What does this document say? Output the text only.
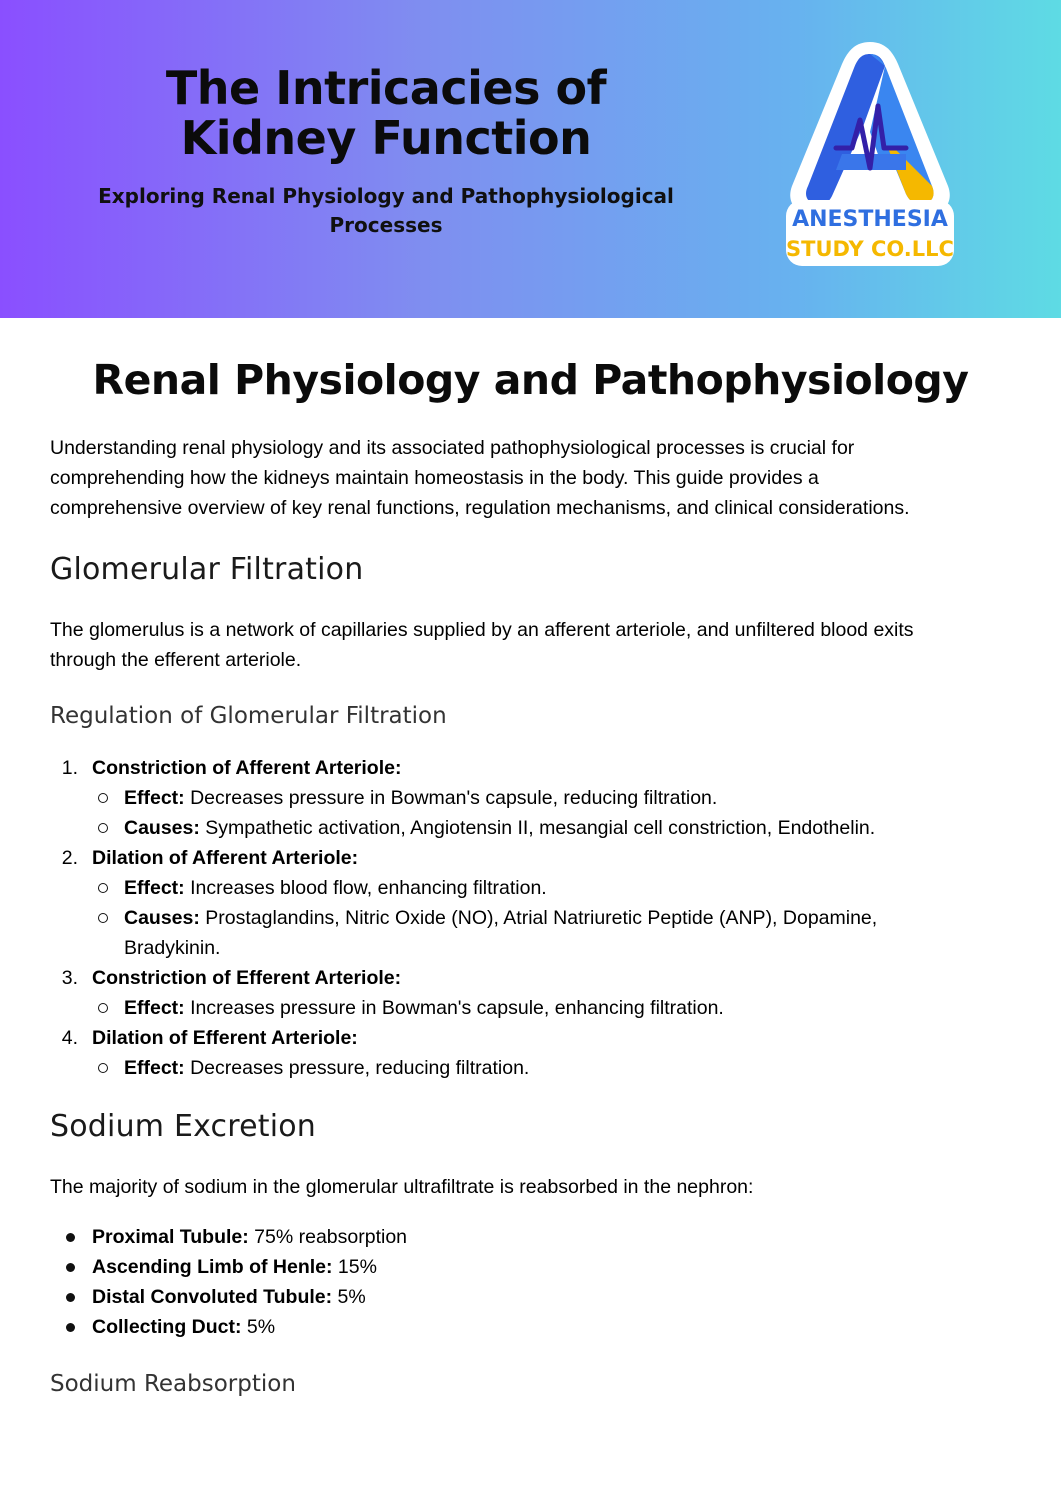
The Intricacies of
Kidney Function
Exploring Renal Physiology and Pathophysiological
Processes	ANESTHESIA
STUDY CO.LLC
Renal Physiology and Pathophysiology
Understanding renal physiology and its associated pathophysiological processes is crucial for
comprehending how the kidneys maintain homeostasis in the body. This guide provides a
comprehensive overview of key renal functions, regulation mechanisms, and clinical considerations.
Glomerular Filtration
The glomerulus is a network of capillaries supplied by an afferent arteriole, and unfiltered blood exits
through the efferent arteriole.
Regulation of Glomerular Filtration
1. Constriction of Afferent Arteriole:
Effect: Decreases pressure in Bowman's capsule, reducing filtration.
Causes: Sympathetic activation, Angiotensin II, mesangial cell constriction, Endothelin.
2. Dilation of Afferent Arteriole:
Effect: Increases blood flow, enhancing filtration.
Causes: Prostaglandins, Nitric Oxide (NO), Atrial Natriuretic Peptide (ANP), Dopamine,
Bradykinin.
3. Constriction of Efferent Arteriole:
Effect: Increases pressure in Bowman's capsule, enhancing filtration.
4. Dilation of Efferent Arteriole:
Effect: Decreases pressure, reducing filtration.
Sodium Excretion
The majority of sodium in the glomerular ultrafiltrate is reabsorbed in the nephron:
Proximal Tubule: 75% reabsorption
Ascending Limb of Henle: 15%
Distal Convoluted Tubule: 5%
Collecting Duct: 5%
Sodium Reabsorption
